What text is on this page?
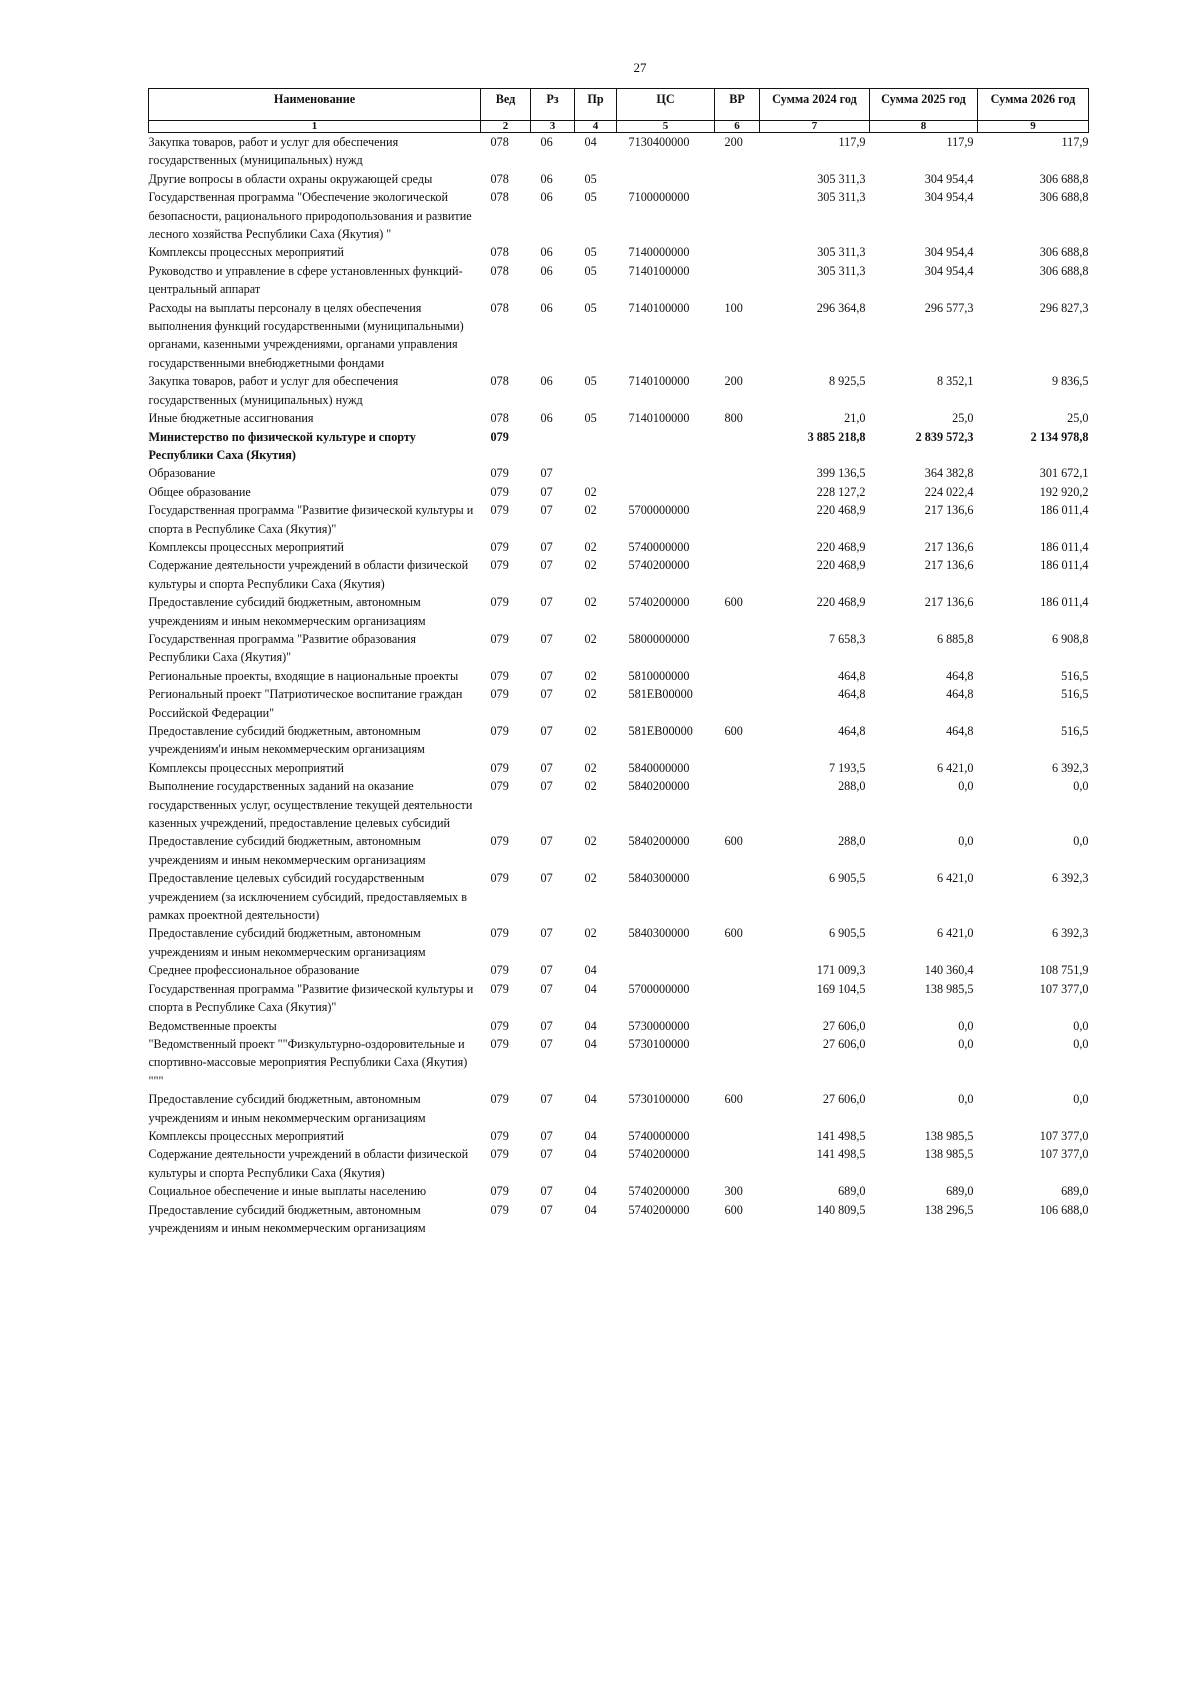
27
Наименование	Вед	Рз	Пр	ЦС	ВР	Сумма 2024 год	Сумма 2025 год	Сумма 2026 год
1	2	3	4	5	6	7	8	9
Закупка товаров, работ и услуг для обеспечения государственных (муниципальных) нужд	078	06	04	7130400000	200	117,9	117,9	117,9
Другие вопросы в области охраны окружающей среды	078	06	05			305 311,3	304 954,4	306 688,8
Государственная программа "Обеспечение экологической безопасности, рационального природопользования и развитие лесного хозяйства Республики Саха (Якутия) "	078	06	05	7100000000		305 311,3	304 954,4	306 688,8
Комплексы процессных мероприятий	078	06	05	7140000000		305 311,3	304 954,4	306 688,8
Руководство и управление в сфере установленных функций-центральный аппарат	078	06	05	7140100000		305 311,3	304 954,4	306 688,8
Расходы на выплаты персоналу в целях обеспечения выполнения функций государственными (муниципальными) органами, казенными учреждениями, органами управления государственными внебюджетными фондами	078	06	05	7140100000	100	296 364,8	296 577,3	296 827,3
Закупка товаров, работ и услуг для обеспечения государственных (муниципальных) нужд	078	06	05	7140100000	200	8 925,5	8 352,1	9 836,5
Иные бюджетные ассигнования	078	06	05	7140100000	800	21,0	25,0	25,0
Министерство по физической культуре и спорту Республики Саха (Якутия)	079					3 885 218,8	2 839 572,3	2 134 978,8
Образование	079	07				399 136,5	364 382,8	301 672,1
Общее образование	079	07	02			228 127,2	224 022,4	192 920,2
Государственная программа "Развитие физической культуры и спорта в Республике Саха (Якутия)"	079	07	02	5700000000		220 468,9	217 136,6	186 011,4
Комплексы процессных мероприятий	079	07	02	5740000000		220 468,9	217 136,6	186 011,4
Содержание деятельности учреждений в области физической культуры и спорта Республики Саха (Якутия)	079	07	02	5740200000		220 468,9	217 136,6	186 011,4
Предоставление субсидий бюджетным, автономным учреждениям и иным некоммерческим организациям	079	07	02	5740200000	600	220 468,9	217 136,6	186 011,4
Государственная программа "Развитие образования Республики Саха (Якутия)"	079	07	02	5800000000		7 658,3	6 885,8	6 908,8
Региональные проекты, входящие в национальные проекты	079	07	02	5810000000		464,8	464,8	516,5
Региональный проект "Патриотическое воспитание граждан Российской Федерации"	079	07	02	581EB00000		464,8	464,8	516,5
Предоставление субсидий бюджетным, автономным учреждениям'и иным некоммерческим организациям	079	07	02	581EB00000	600	464,8	464,8	516,5
Комплексы процессных мероприятий	079	07	02	5840000000		7 193,5	6 421,0	6 392,3
Выполнение государственных заданий на оказание государственных услуг, осуществление текущей деятельности казенных учреждений, предоставление целевых субсидий	079	07	02	5840200000		288,0	0,0	0,0
Предоставление субсидий бюджетным, автономным учреждениям и иным некоммерческим организациям	079	07	02	5840200000	600	288,0	0,0	0,0
Предоставление целевых субсидий государственным учреждением (за исключением субсидий, предоставляемых в рамках проектной деятельности)	079	07	02	5840300000		6 905,5	6 421,0	6 392,3
Предоставление субсидий бюджетным, автономным учреждениям и иным некоммерческим организациям	079	07	02	5840300000	600	6 905,5	6 421,0	6 392,3
Среднее профессиональное образование	079	07	04			171 009,3	140 360,4	108 751,9
Государственная программа "Развитие физической культуры и спорта в Республике Саха (Якутия)"	079	07	04	5700000000		169 104,5	138 985,5	107 377,0
Ведомственные проекты	079	07	04	5730000000		27 606,0	0,0	0,0
"Ведомственный проект ""Физкультурно-оздоровительные и спортивно-массовые мероприятия Республики Саха (Якутия) """	079	07	04	5730100000		27 606,0	0,0	0,0
Предоставление субсидий бюджетным, автономным учреждениям и иным некоммерческим организациям	079	07	04	5730100000	600	27 606,0	0,0	0,0
Комплексы процессных мероприятий	079	07	04	5740000000		141 498,5	138 985,5	107 377,0
Содержание деятельности учреждений в области физической культуры и спорта Республики Саха (Якутия)	079	07	04	5740200000		141 498,5	138 985,5	107 377,0
Социальное обеспечение и иные выплаты населению	079	07	04	5740200000	300	689,0	689,0	689,0
Предоставление субсидий бюджетным, автономным учреждениям и иным некоммерческим организациям	079	07	04	5740200000	600	140 809,5	138 296,5	106 688,0
